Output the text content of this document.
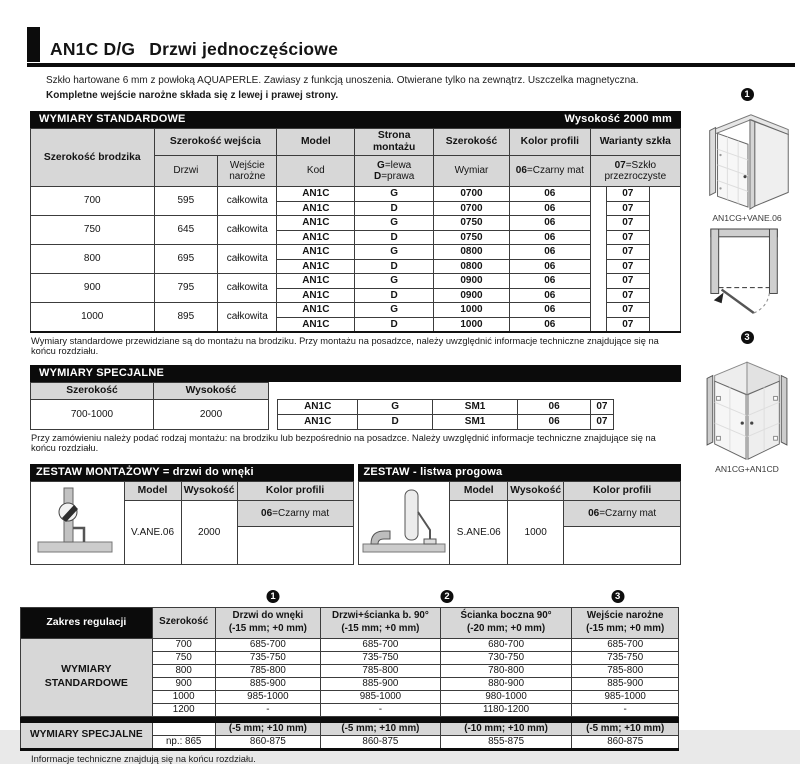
AN1C D/G Drzwi jednoczęściowe
Szkło hartowane 6 mm z powłoką AQUAPERLE. Zawiasy z funkcją unoszenia. Otwierane tylko na zewnątrz. Uszczelka magnetyczna.
Kompletne wejście narożne składa się z lewej i prawej strony.
WYMIARY STANDARDOWE	Wysokość 2000 mm
Szerokość brodzika	Szerokość wejścia		Model	Strona montażu	Szerokość	Kolor profili	Warianty szkła		
	Drzwi	Wejście narożne	Kod	G=lewa
D=prawa	Wymiar	06=Czarny mat	07=Szkło przezroczyste		
700	595	całkowita	AN1C	G	0700	06		07	
			AN1C	D	0700	06		07	
750	645	całkowita	AN1C	G	0750	06		07	
			AN1C	D	0750	06		07	
800	695	całkowita	AN1C	G	0800	06		07	
			AN1C	D	0800	06		07	
900	795	całkowita	AN1C	G	0900	06		07	
			AN1C	D	0900	06		07	
1000	895	całkowita	AN1C	G	1000	06		07	
			AN1C	D	1000	06		07	
Wymiary standardowe przewidziane są do montażu na brodziku. Przy montażu na posadzce, należy uwzględnić informacje techniczne znajdujące się na końcu rozdziału.
WYMIARY SPECJALNE
Szerokość	Wysokość							
700-1000	2000		AN1C	G	SM1	06	07	
			AN1C	D	SM1	06	07	
Przy zamówieniu należy podać rodzaj montażu: na brodziku lub bezpośrednio na posadzce. Należy uwzględnić informacje techniczne znajdujące się na końcu rozdziału.
ZESTAW MONTAŻOWY = drzwi do wnęki
	Model	Wysokość	Kolor profili
	V.ANE.06	2000	06=Czarny mat

ZESTAW - listwa progowa
	Model	Wysokość	Kolor profili
	S.ANE.06	1000	06=Czarny mat

1	2	3
Zakres regulacji	Szerokość	Drzwi do wnęki
(-15 mm; +0 mm)	Drzwi+ścianka b. 90°
(-15 mm; +0 mm)	Ścianka boczna 90°
(-20 mm; +0 mm)	Wejście narożne
(-15 mm; +0 mm)
WYMIARY STANDARDOWE	700	685-700	685-700	680-700	685-700
	750	735-750	735-750	730-750	735-750
	800	785-800	785-800	780-800	785-800
	900	885-900	885-900	880-900	885-900
	1000	985-1000	985-1000	980-1000	985-1000
	1200	-	-	1180-1200	-

WYMIARY SPECJALNE		(-5 mm; +10 mm)	(-5 mm; +10 mm)	(-10 mm; +10 mm)	(-5 mm; +10 mm)
	np.: 865	860-875	860-875	855-875	860-875
Informacje techniczne znajdują się na końcu rozdziału.
1
AN1CG+VANE.06
3
AN1CG+AN1CD
